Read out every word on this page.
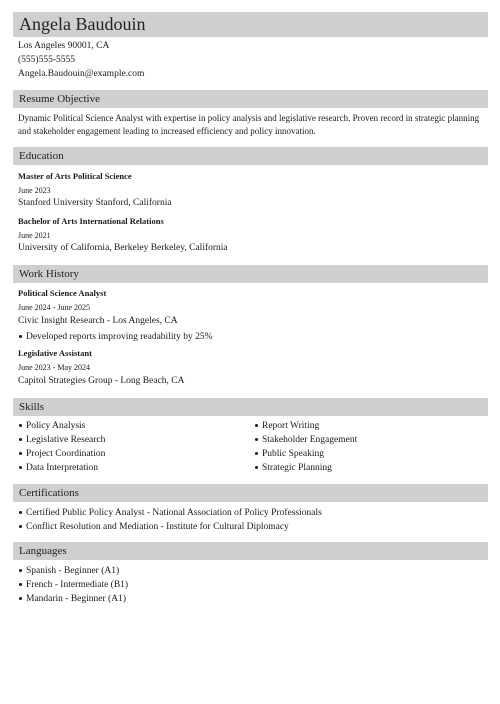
Angela Baudouin
Los Angeles 90001, CA
(555)555-5555
Angela.Baudouin@example.com
Resume Objective
Dynamic Political Science Analyst with expertise in policy analysis and legislative research. Proven record in strategic planning and stakeholder engagement leading to increased efficiency and policy innovation.
Education
Master of Arts Political Science
June 2023
Stanford University Stanford, California
Bachelor of Arts International Relations
June 2021
University of California, Berkeley Berkeley, California
Work History
Political Science Analyst
June 2024 - June 2025
Civic Insight Research - Los Angeles, CA
Developed reports improving readability by 25%
Legislative Assistant
June 2023 - May 2024
Capitol Strategies Group - Long Beach, CA
Skills
Policy Analysis
Legislative Research
Project Coordination
Data Interpretation
Report Writing
Stakeholder Engagement
Public Speaking
Strategic Planning
Certifications
Certified Public Policy Analyst - National Association of Policy Professionals
Conflict Resolution and Mediation - Institute for Cultural Diplomacy
Languages
Spanish - Beginner (A1)
French - Intermediate (B1)
Mandarin - Beginner (A1)
